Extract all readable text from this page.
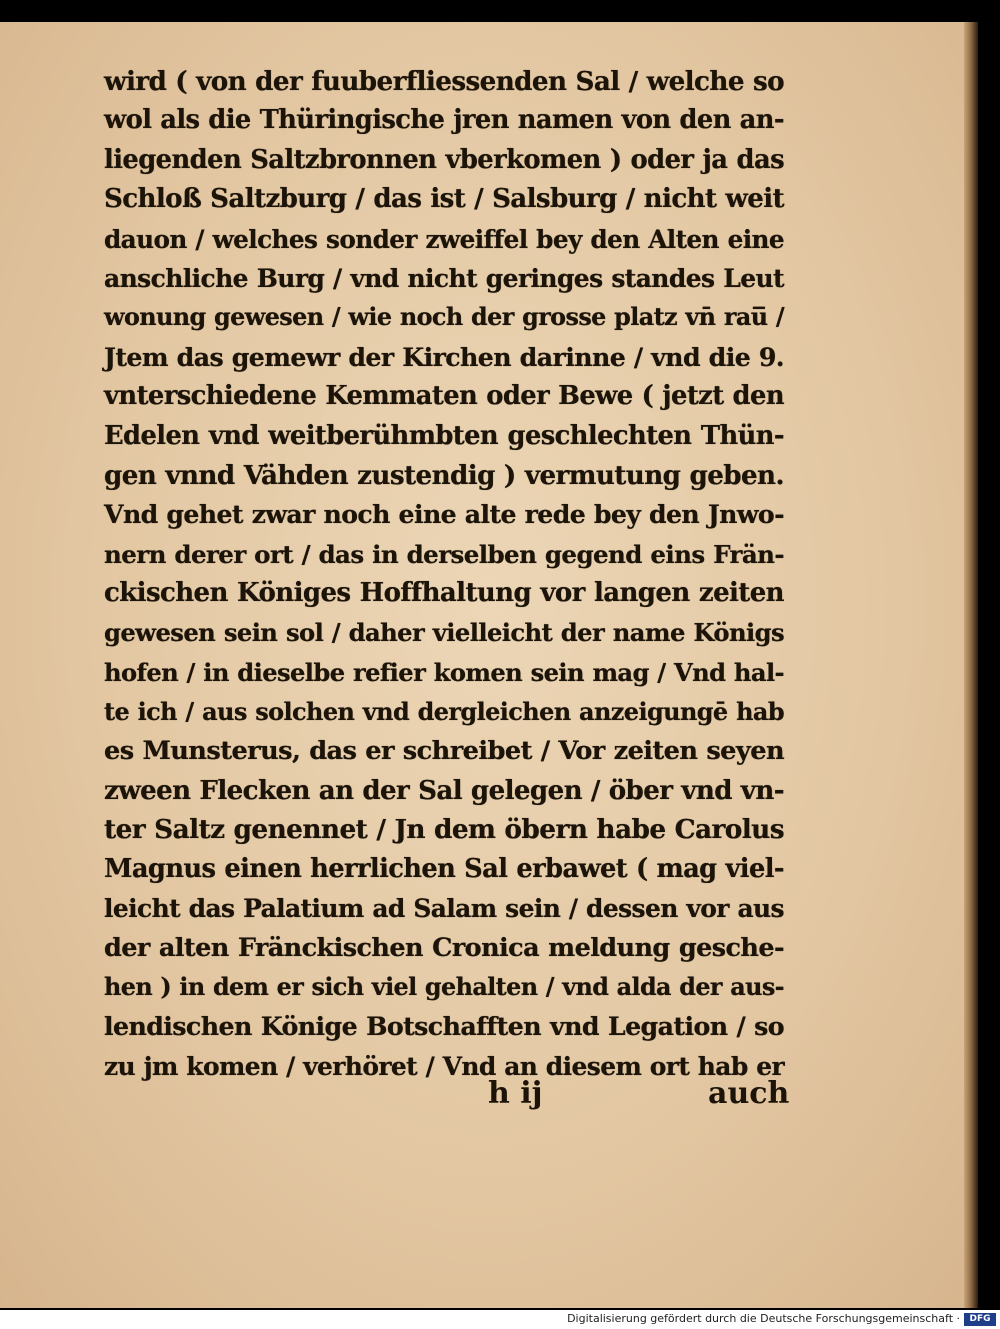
wird ( von der fuuberfliessenden Sal / welche so
wol als die Thüringische jren namen von den an-
liegenden Saltzbronnen vberkomen ) oder ja das
Schloß Saltzburg / das ist / Salsburg / nicht weit
dauon / welches sonder zweiffel bey den Alten eine
anschliche Burg / vnd nicht geringes standes Leut
wonung gewesen / wie noch der grosse platz vn̄ rau̅ /
Jtem das gemewr der Kirchen darinne / vnd die 9.
vnterschiedene Kemmaten oder Bewe ( jetzt den
Edelen vnd weitberühmbten geschlechten Thün-
gen vnnd Vähden zustendig ) vermutung geben.
Vnd gehet zwar noch eine alte rede bey den Jnwo-
nern derer ort / das in derselben gegend eins Frän-
ckischen Königes Hoffhaltung vor langen zeiten
gewesen sein sol / daher vielleicht der name Königs
hofen / in dieselbe refier komen sein mag / Vnd hal-
te ich / aus solchen vnd dergleichen anzeigungē hab
es Munsterus, das er schreibet / Vor zeiten seyen
zween Flecken an der Sal gelegen / öber vnd vn-
ter Saltz genennet / Jn dem öbern habe Carolus
Magnus einen herrlichen Sal erbawet ( mag viel-
leicht das Palatium ad Salam sein / dessen vor aus
der alten Fränckischen Cronica meldung gesche-
hen ) in dem er sich viel gehalten / vnd alda der aus-
lendischen Könige Botschafften vnd Legation / so
zu jm komen / verhöret / Vnd an diesem ort hab er
h ij	auch
Digitalisierung gefördert durch die Deutsche Forschungsgemeinschaft ·	DFG
